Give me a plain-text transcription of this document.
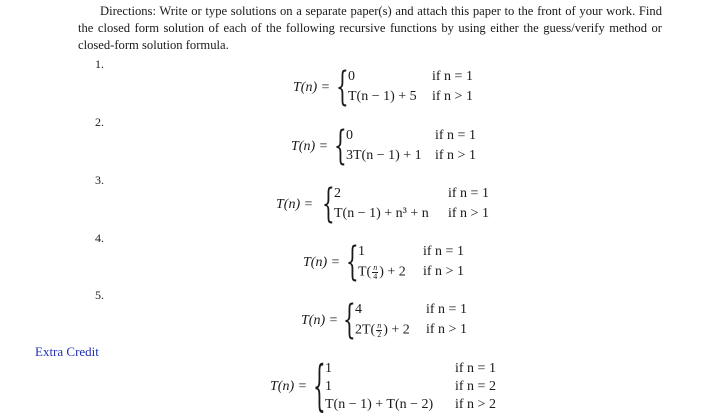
Directions: Write or type solutions on a separate paper(s) and attach this paper to the front of your work. Find the closed form solution of each of the following recursive functions by using either the guess/verify method or closed-form solution formula.

Extra Credit
1.
T(n) = { 0	if n = 1
T(n − 1) + 5 if n > 1
2.
T(n) = { 0	if n = 1
3T(n − 1) + 1 if n > 1
3.
T(n) = { 2	if n = 1
T(n − 1) + n³ + n if n > 1
4.
T(n) = { 1	if n = 1
$T( \frac{n}{4}$ ) + 2 if n > 1
5.
T(n) = { 4	if n = 1
$2T( \frac{n}{2}$ ) + 2 if n > 1
T(n) = { 1	if n = 1
1	if n = 2
T(n − 1) + T(n − 2) if n > 2
